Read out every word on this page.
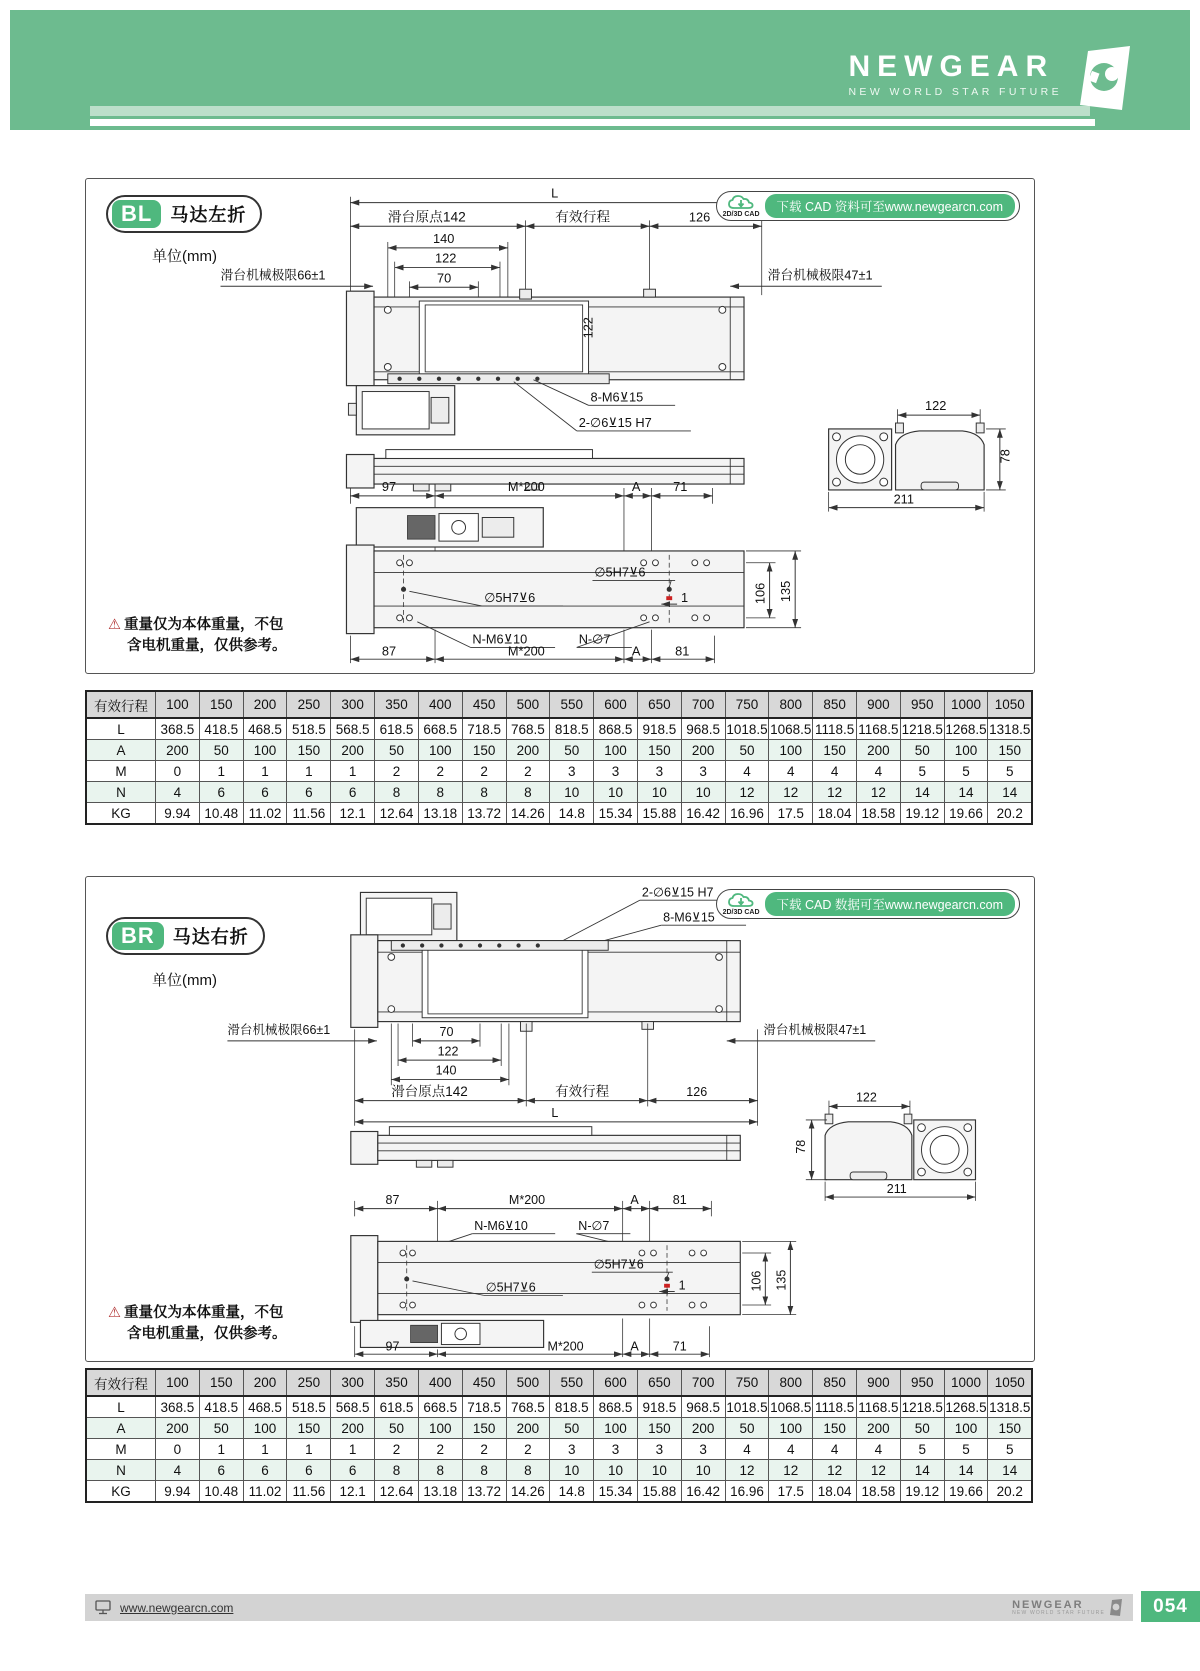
NEWGEAR
NEW WORLD STAR FUTURE
BL	马达左折
单位(mm)
2D/3D CAD
下载 CAD 资料可至www.newgearcn.com
⚠ 重量仅为本体重量，不包
含电机重量，仅供参考。
L
滑台原点142	有效行程	126
140
122
70
滑台机械极限66±1	滑台机械极限47±1
122
8-M6⊻15
2-∅6⊻15 H7
122
78
211
97	M*200	A	71
∅5H7⊻6
1
∅5H7⊻6	106 135
N-M6⊻10	N-∅7
87	M*200	A	81
有效行程	100	150	200	250	300	350	400	450	500	550	600	650	700	750	800	850	900	950	1000	1050
L	368.5	418.5	468.5	518.5	568.5	618.5	668.5	718.5	768.5	818.5	868.5	918.5	968.5	1018.5	1068.5	1118.5	1168.5	1218.5	1268.5	1318.5
A	200	50	100	150	200	50	100	150	200	50	100	150	200	50	100	150	200	50	100	150
M	0	1	1	1	1	2	2	2	2	3	3	3	3	4	4	4	4	5	5	5
N	4	6	6	6	6	8	8	8	8	10	10	10	10	12	12	12	12	14	14	14
KG	9.94	10.48	11.02	11.56	12.1	12.64	13.18	13.72	14.26	14.8	15.34	15.88	16.42	16.96	17.5	18.04	18.58	19.12	19.66	20.2
BR	马达右折
单位(mm)
2D/3D CAD
下载 CAD 数据可至www.newgearcn.com
⚠ 重量仅为本体重量，不包
含电机重量，仅供参考。
2-∅6⊻15 H7
8-M6⊻15
滑台机械极限66±1	滑台机械极限47±1
70
122
140
滑台原点142	有效行程	126
L
122
78
211
87	M*200	A	81
N-M6⊻10	N-∅7
∅5H7⊻6
1
∅5H7⊻6	106 135
97	M*200	A	71
有效行程	100	150	200	250	300	350	400	450	500	550	600	650	700	750	800	850	900	950	1000	1050
L	368.5	418.5	468.5	518.5	568.5	618.5	668.5	718.5	768.5	818.5	868.5	918.5	968.5	1018.5	1068.5	1118.5	1168.5	1218.5	1268.5	1318.5
A	200	50	100	150	200	50	100	150	200	50	100	150	200	50	100	150	200	50	100	150
M	0	1	1	1	1	2	2	2	2	3	3	3	3	4	4	4	4	5	5	5
N	4	6	6	6	6	8	8	8	8	10	10	10	10	12	12	12	12	14	14	14
KG	9.94	10.48	11.02	11.56	12.1	12.64	13.18	13.72	14.26	14.8	15.34	15.88	16.42	16.96	17.5	18.04	18.58	19.12	19.66	20.2
www.newgearcn.com	NEWGEAR
NEW WORLD STAR FUTURE	054
